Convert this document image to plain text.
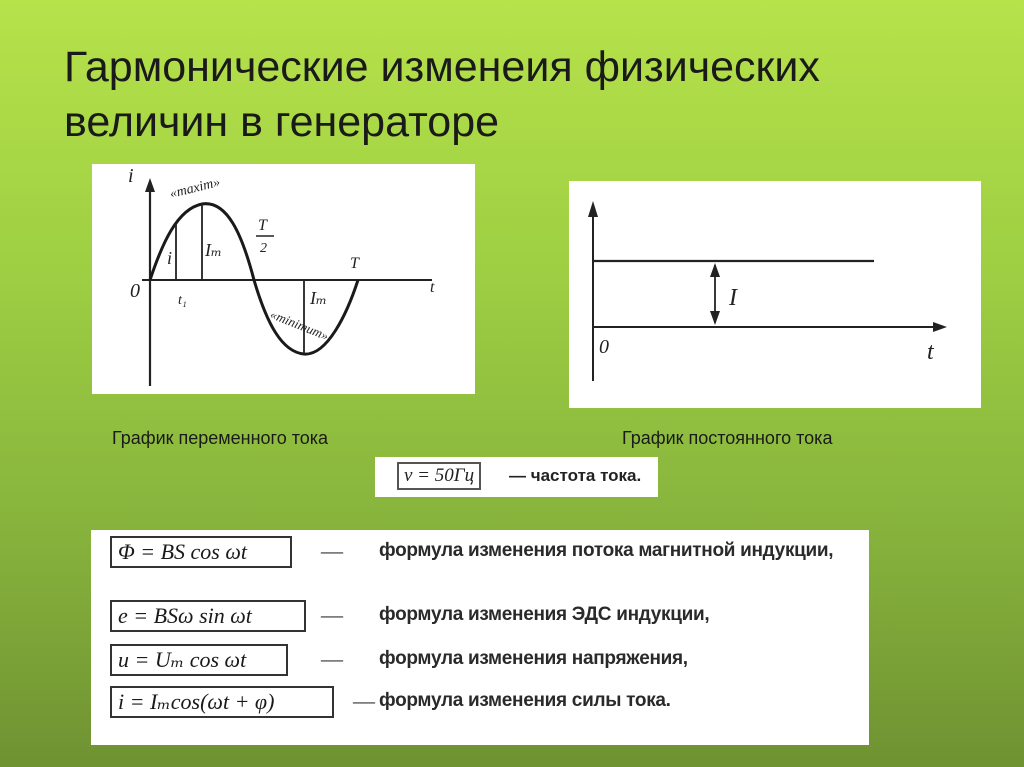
Гармонические изменеия физических величин в генераторе
i
0	t
i
t₁
Iₘ
Iₘ
T
2
T
«maxim»
«minimum»
0	t
I
График переменного тока	График постоянного тока
ν = 50Гц	— частота тока.
Φ = BS cos ωt	— формула изменения потока магнитной индукции,
e = BSω sin ωt	— формула изменения ЭДС индукции,
u = Uₘ cos ωt	— формула изменения напряжения,
i = Iₘcos(ωt + φ)	— формула изменения силы тока.
